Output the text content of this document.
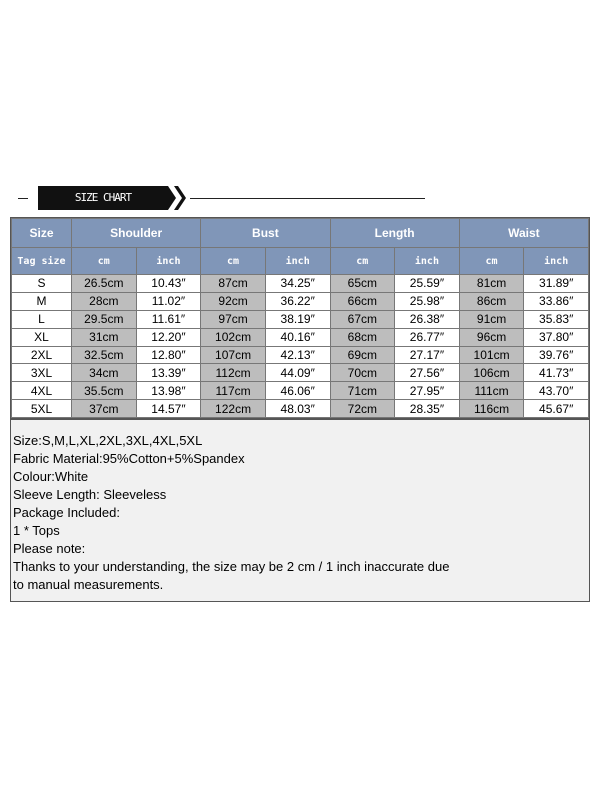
SIZE CHART
Size	Shoulder		Bust		Length		Waist	
Tag size	cm	inch	cm	inch	cm	inch	cm	inch
S	26.5cm	10.43″	87cm	34.25″	65cm	25.59″	81cm	31.89″
M	28cm	11.02″	92cm	36.22″	66cm	25.98″	86cm	33.86″
L	29.5cm	11.61″	97cm	38.19″	67cm	26.38″	91cm	35.83″
XL	31cm	12.20″	102cm	40.16″	68cm	26.77″	96cm	37.80″
2XL	32.5cm	12.80″	107cm	42.13″	69cm	27.17″	101cm	39.76″
3XL	34cm	13.39″	112cm	44.09″	70cm	27.56″	106cm	41.73″
4XL	35.5cm	13.98″	117cm	46.06″	71cm	27.95″	111cm	43.70″
5XL	37cm	14.57″	122cm	48.03″	72cm	28.35″	116cm	45.67″
Size:S,M,L,XL,2XL,3XL,4XL,5XL
Fabric Material:95%Cotton+5%Spandex
Colour:White
Sleeve Length: Sleeveless
Package Included:
1 * Tops
Please note:
Thanks to your understanding, the size may be 2 cm / 1 inch inaccurate due
to manual measurements.
